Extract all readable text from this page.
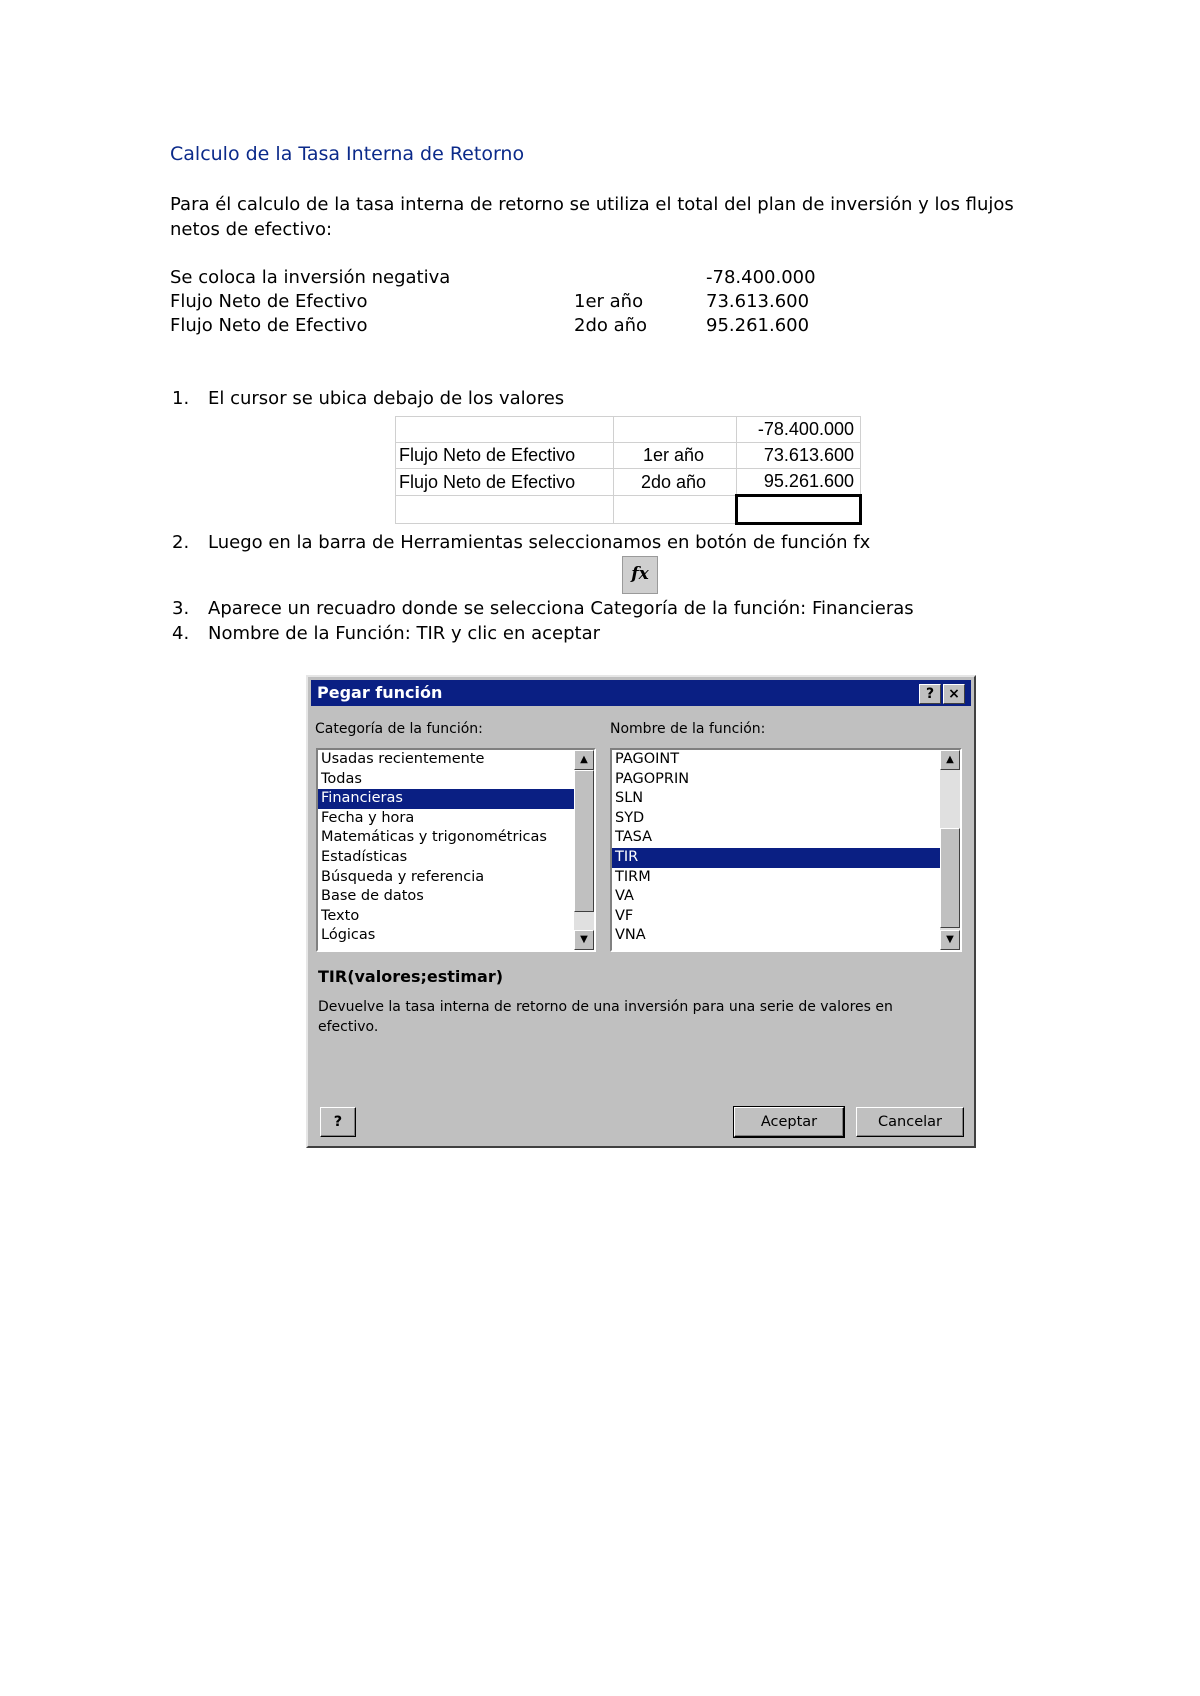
Calculo de la Tasa Interna de Retorno
Para él calculo de la tasa interna de retorno se utiliza el total del plan de inversión y los flujos netos de efectivo:
Se coloca la inversión negativa	-78.400.000
Flujo Neto de Efectivo	1er año	73.613.600
Flujo Neto de Efectivo	2do año	95.261.600
1. El cursor se ubica debajo de los valores
		-78.400.000
Flujo Neto de Efectivo	1er año	73.613.600
Flujo Neto de Efectivo	2do año	95.261.600

2. Luego en la barra de Herramientas seleccionamos en botón de función fx
fx
3. Aparece un recuadro donde se selecciona Categoría de la función: Financieras
4. Nombre de la Función: TIR y clic en aceptar
Pegar función	?	×
Categoría de la función:	Nombre de la función:
Usadas recientemente
Todas
Financieras
Fecha y hora
Matemáticas y trigonométricas
Estadísticas
Búsqueda y referencia
Base de datos
Texto
Lógicas
▲
▼
PAGOINT
PAGOPRIN
SLN
SYD
TASA
TIR
TIRM
VA
VF
VNA
▲
▼
TIR(valores;estimar)
Devuelve la tasa interna de retorno de una inversión para una serie de valores en efectivo.
?	Aceptar	Cancelar
